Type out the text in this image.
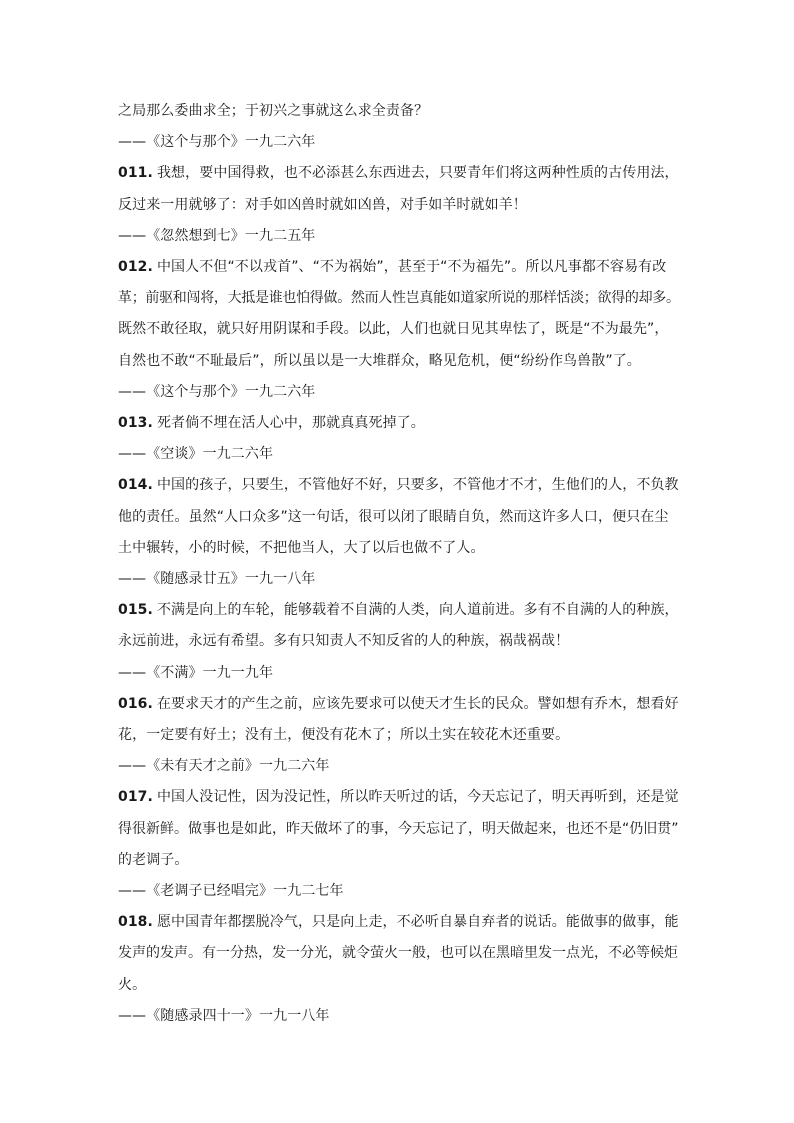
之局那么委曲求全；于初兴之事就这么求全责备？
——《这个与那个》一九二六年
011. 我想，要中国得救，也不必添甚么东西进去，只要青年们将这两种性质的古传用法，
反过来一用就够了：对手如凶兽时就如凶兽，对手如羊时就如羊！
——《忽然想到七》一九二五年
012. 中国人不但“不以戎首”、“不为祸始”，甚至于“不为福先”。所以凡事都不容易有改
革；前驱和闯将，大抵是谁也怕得做。然而人性岂真能如道家所说的那样恬淡；欲得的却多。
既然不敢径取，就只好用阴谋和手段。以此，人们也就日见其卑怯了，既是“不为最先”，
自然也不敢“不耻最后”，所以虽以是一大堆群众，略见危机，便“纷纷作鸟兽散”了。
——《这个与那个》一九二六年
013. 死者倘不埋在活人心中，那就真真死掉了。
——《空谈》一九二六年
014. 中国的孩子，只要生，不管他好不好，只要多，不管他才不才，生他们的人，不负教
他的责任。虽然“人口众多”这一句话，很可以闭了眼睛自负，然而这许多人口，便只在尘
土中辗转，小的时候，不把他当人，大了以后也做不了人。
——《随感录廿五》一九一八年
015. 不满是向上的车轮，能够载着不自满的人类，向人道前进。多有不自满的人的种族，
永远前进，永远有希望。多有只知责人不知反省的人的种族，祸哉祸哉！
——《不满》一九一九年
016. 在要求天才的产生之前，应该先要求可以使天才生长的民众。譬如想有乔木，想看好
花，一定要有好土；没有土，便没有花木了；所以土实在较花木还重要。
——《未有天才之前》一九二六年
017. 中国人没记性，因为没记性，所以昨天听过的话，今天忘记了，明天再听到，还是觉
得很新鲜。做事也是如此，昨天做坏了的事，今天忘记了，明天做起来，也还不是“仍旧贯”
的老调子。
——《老调子已经唱完》一九二七年
018. 愿中国青年都摆脱冷气，只是向上走，不必听自暴自弃者的说话。能做事的做事，能
发声的发声。有一分热，发一分光，就令萤火一般，也可以在黑暗里发一点光，不必等候炬
火。
——《随感录四十一》一九一八年
